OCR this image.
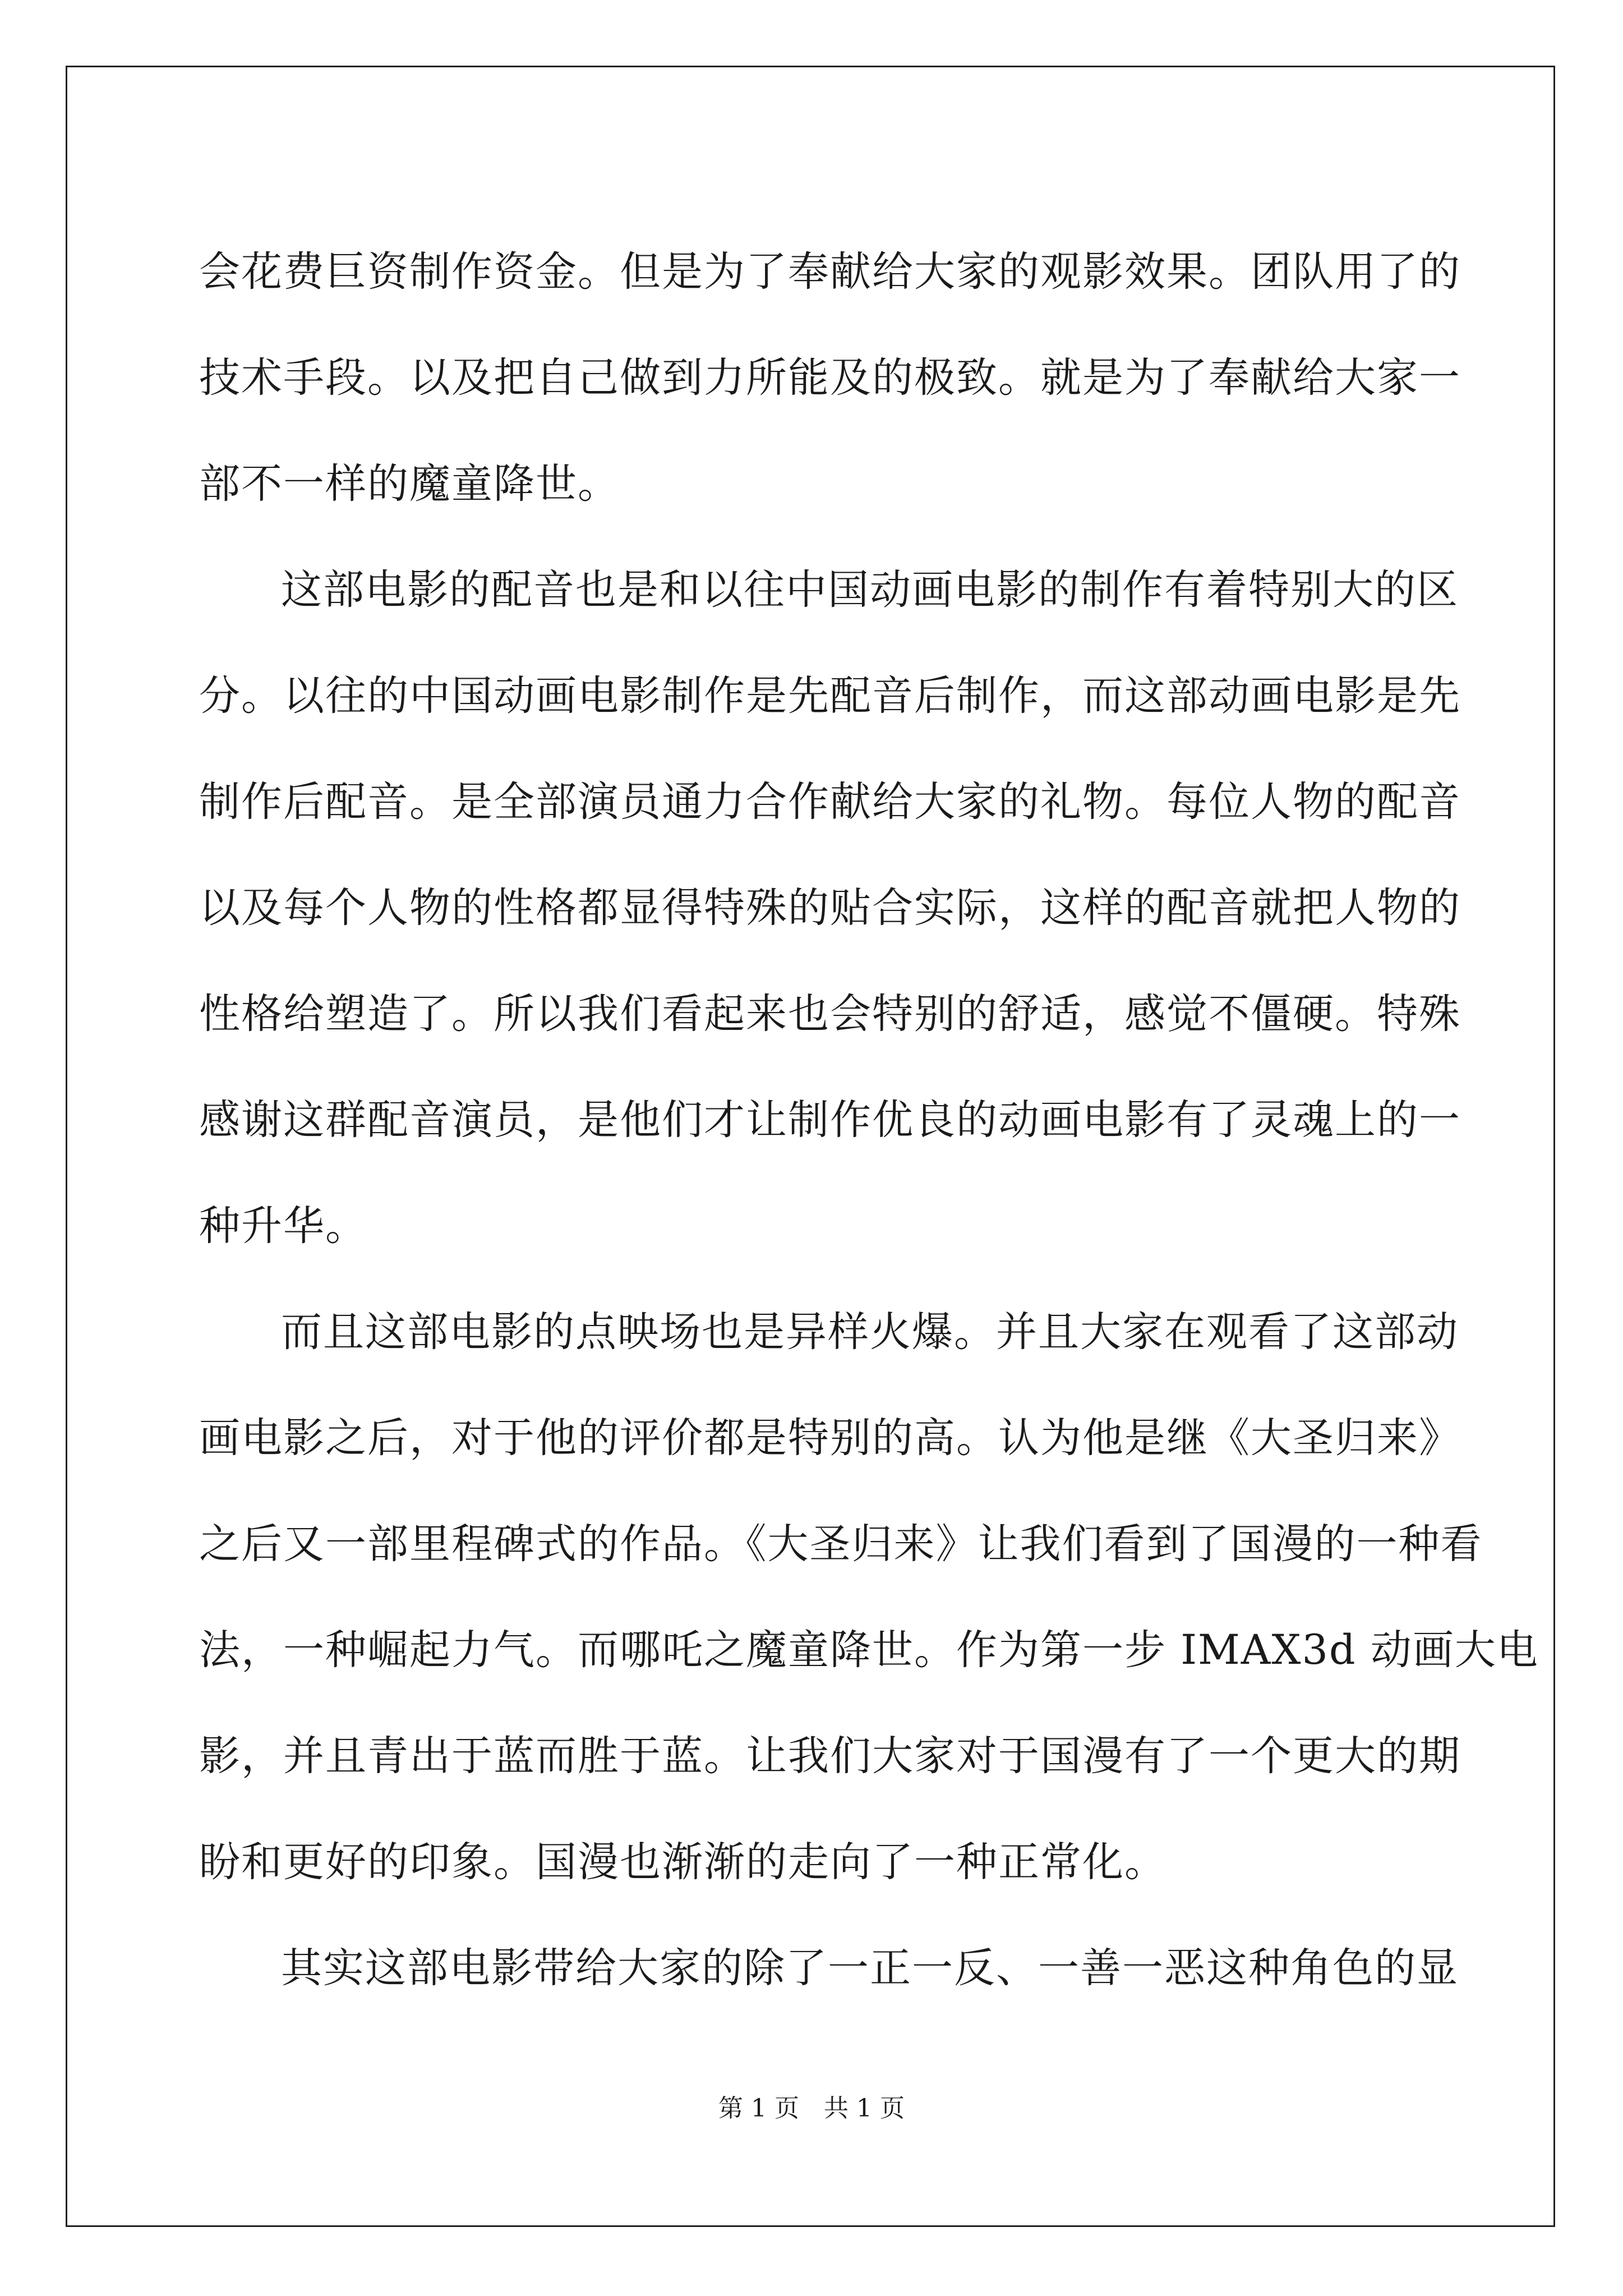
会花费巨资制作资金。但是为了奉献给大家的观影效果。团队用了的
技术手段。以及把自己做到力所能及的极致。就是为了奉献给大家一
部不一样的魔童降世。
这部电影的配音也是和以往中国动画电影的制作有着特别大的区
分。以往的中国动画电影制作是先配音后制作，而这部动画电影是先
制作后配音。是全部演员通力合作献给大家的礼物。每位人物的配音
以及每个人物的性格都显得特殊的贴合实际，这样的配音就把人物的
性格给塑造了。所以我们看起来也会特别的舒适，感觉不僵硬。特殊
感谢这群配音演员，是他们才让制作优良的动画电影有了灵魂上的一
种升华。
而且这部电影的点映场也是异样火爆。并且大家在观看了这部动
画电影之后，对于他的评价都是特别的高。认为他是继《大圣归来》
之后又一部里程碑式的作品。《大圣归来》让我们看到了国漫的一种看
法，一种崛起力气。而哪吒之魔童降世。作为第一步 IMAX3d 动画大电
影，并且青出于蓝而胜于蓝。让我们大家对于国漫有了一个更大的期
盼和更好的印象。国漫也渐渐的走向了一种正常化。
其实这部电影带给大家的除了一正一反、一善一恶这种角色的显
第 1 页　共 1 页
